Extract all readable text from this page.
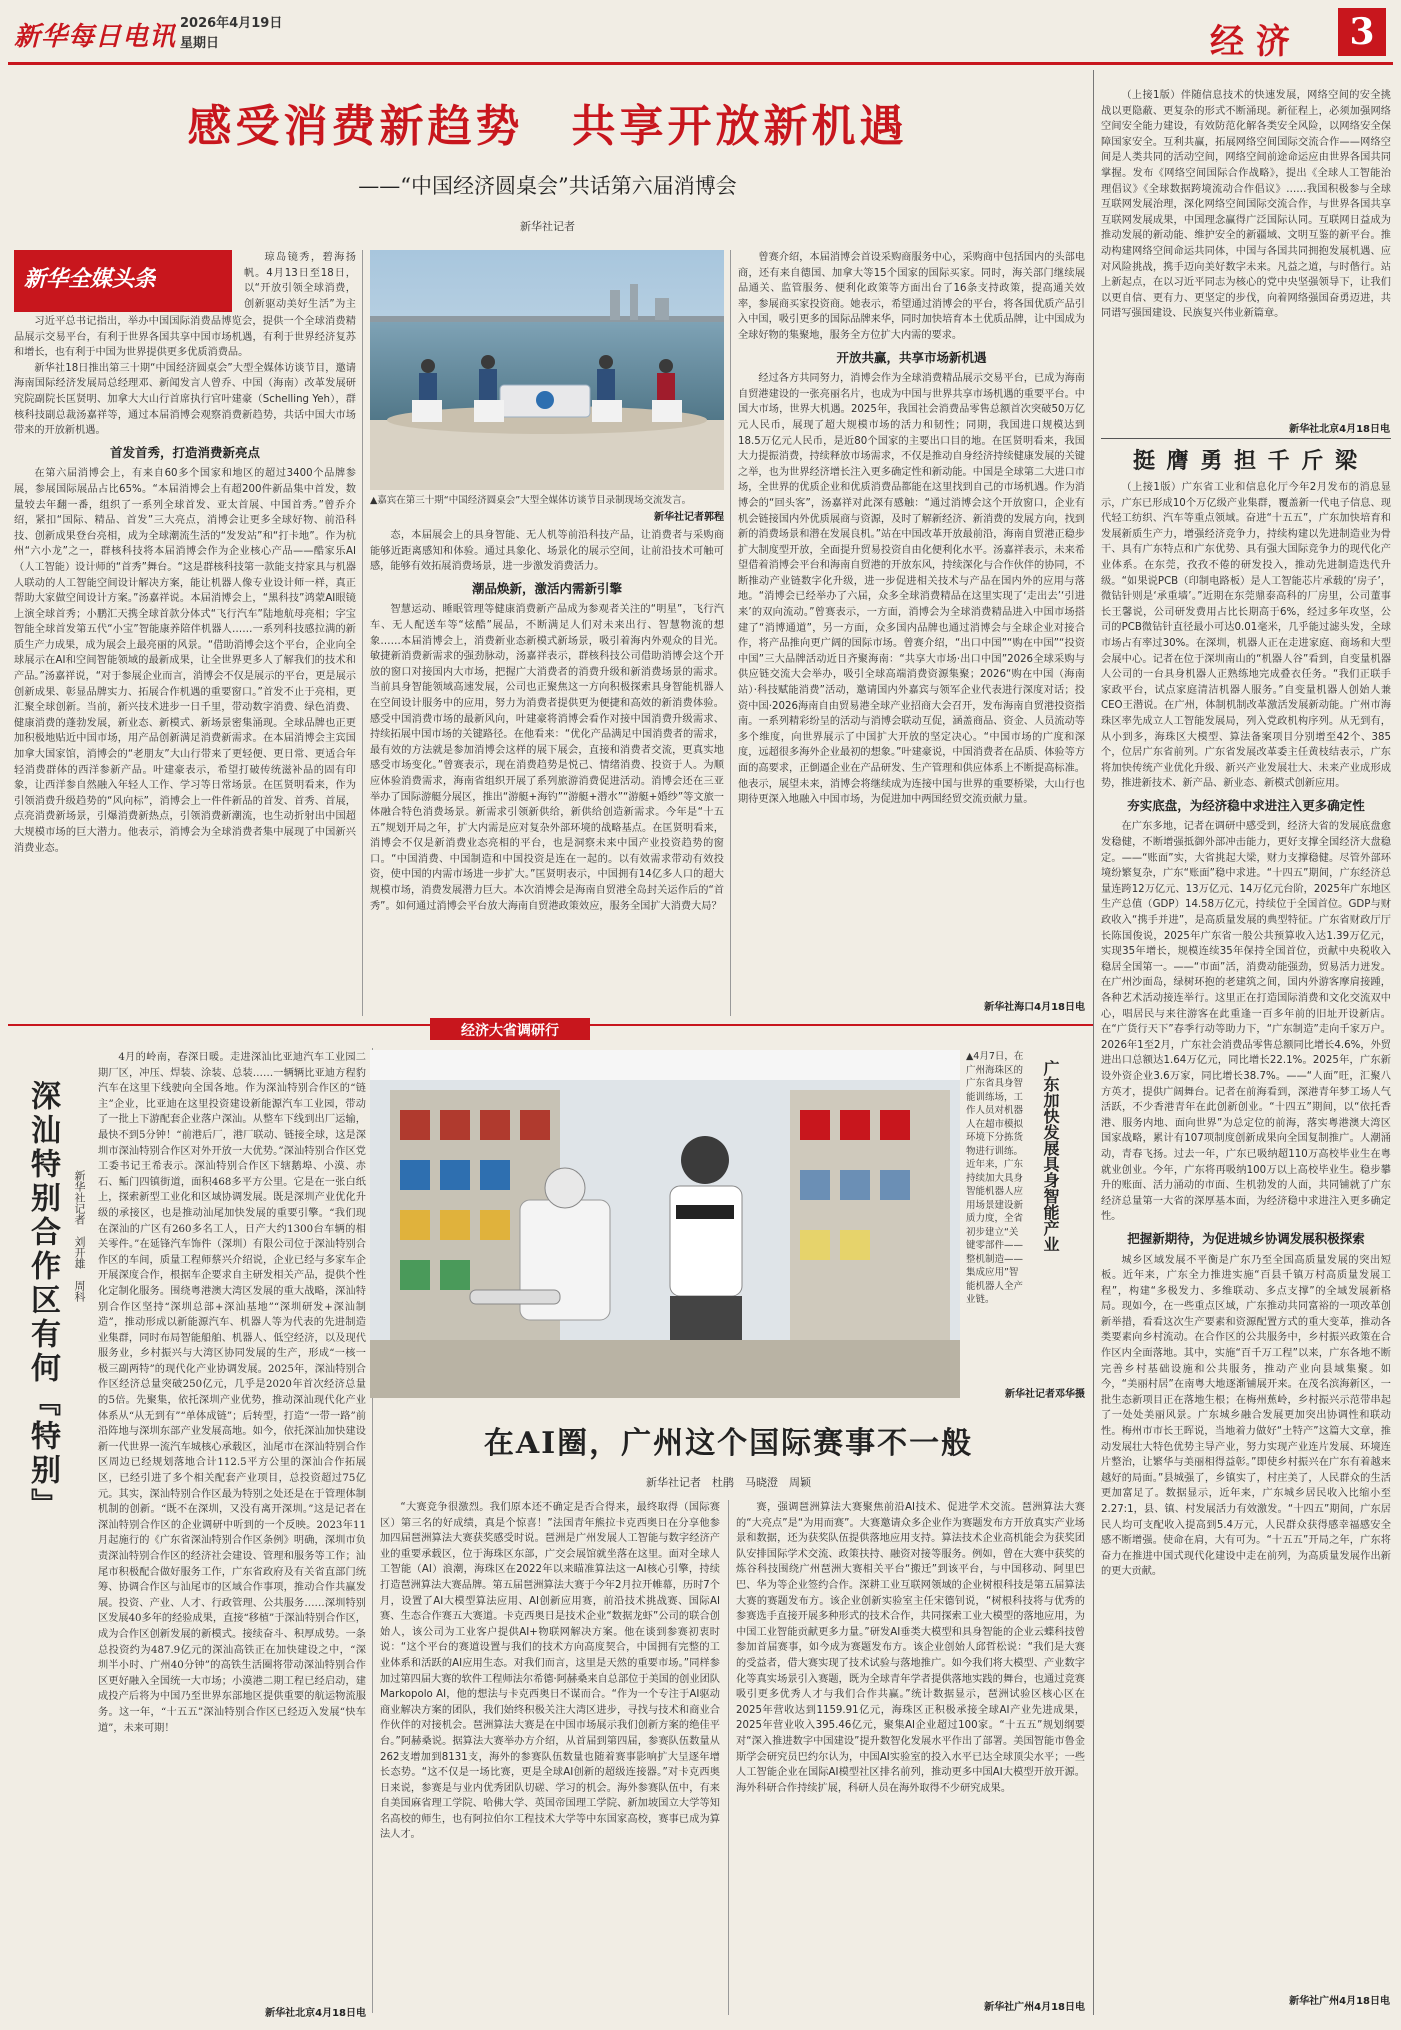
新华每日电讯 2026年4月19日
星期日	经 济	3
感受消费新趋势　共享开放新机遇
——“中国经济圆桌会”共话第六届消博会
新华社记者
新华全媒头条

琼岛镜秀，碧海扬帆。4月13日至18日，以“开放引领全球消费，创新驱动美好生活”为主

习近平总书记指出，举办中国国际消费品博览会，提供一个全球消费精品展示交易平台，有利于世界各国共享中国市场机遇，有利于世界经济复苏和增长，也有利于中国为世界提供更多优质消费品。

新华社18日推出第三十期“中国经济圆桌会”大型全媒体访谈节目，邀请海南国际经济发展局总经理邓、新闻发言人曾乔、中国（海南）改革发展研究院副院长匡贤明、加拿大大山行首席执行官叶建豪（Schelling Yeh），群核科技副总裁汤嘉祥等，通过本届消博会观察消费新趋势，共话中国大市场带来的开放新机遇。

首发首秀，打造消费新亮点

在第六届消博会上，有来自60多个国家和地区的超过3400个品牌参展，参展国际展品占比65%。“本届消博会上有超200件新品集中首发，数量较去年翻一番，组织了一系列全球首发、亚太首展、中国首秀。”曾乔介绍，紧扣“国际、精品、首发”三大亮点，消博会让更多全球好物、前沿科技、创新成果登台亮相，成为全球潮流生活的“发发站”和“打卡地”。作为杭州“六小龙”之一，群核科技将本届消博会作为企业核心产品——酷家乐AI（人工智能）设计师的“首秀”舞台。“这是群核科技第一款能支持家具与机器人联动的人工智能空间设计解决方案，能让机器人像专业设计师一样，真正帮助大家做空间设计方案。”汤嘉祥说。本届消博会上，“黑科技”鸿蒙AI眼镜上演全球首秀；小鹏汇天携全球首款分体式“飞行汽车”陆地航母亮相；字宝智能全球首发第五代“小宝”智能康养陪伴机器人……一系列科技感拉满的新质生产力成果，成为展会上最亮丽的风景。“借助消博会这个平台，企业向全球展示在AI和空间智能领域的最新成果，让全世界更多人了解我们的技术和产品。”汤嘉祥说，“对于参展企业而言，消博会不仅是展示的平台，更是展示创新成果、彰显品牌实力、拓展合作机遇的重要窗口。”首发不止于亮相，更汇聚全球创新。当前，新兴技术进步一日千里，带动数字消费、绿色消费、健康消费的蓬勃发展，新业态、新模式、新场景密集涌现。全球品牌也正更加积极地贴近中国市场，用产品创新满足消费新需求。在本届消博会主宾国加拿大国家馆，消博会的“老朋友”大山行带来了更轻便、更日常、更适合年轻消费群体的西洋参新产品。叶建豪表示，希望打破传统滋补品的固有印象，让西洋参自然融入年轻人工作、学习等日常场景。在匡贤明看来，作为引领消费升级趋势的“风向标”，消博会上一件件新品的首发、首秀、首展，点亮消费新场景，引爆消费新热点，引领消费新潮流，也生动折射出中国超大规模市场的巨大潜力。他表示，消博会为全球消费者集中展现了中国新兴消费业态。

▲嘉宾在第三十期“中国经济圆桌会”大型全媒体访谈节目录制现场交流发言。
新华社记者郭程

态，本届展会上的具身智能、无人机等前沿科技产品，让消费者与采购商能够近距离感知和体验。通过具象化、场景化的展示空间，让前沿技术可触可感，能够有效拓展消费场景，进一步激发消费活力。

潮品焕新，激活内需新引擎

智慧运动、睡眠管理等健康消费新产品成为参观者关注的“明星”，飞行汽车、无人配送车等“炫酷”展品，不断满足人们对未来出行、智慧物流的想象……本届消博会上，消费新业态新模式新场景，吸引着海内外观众的目光。敏捷新消费新需求的强劲脉动，汤嘉祥表示，群核科技公司借助消博会这个开放的窗口对接国内大市场，把握广大消费者的消费升级和新消费场景的需求。当前具身智能领域高速发展，公司也正聚焦这一方向积极探索具身智能机器人在空间设计服务中的应用，努力为消费者提供更为便捷和高效的新消费体验。感受中国消费市场的最新风向，叶建豪将消博会看作对接中国消费升级需求、持续拓展中国市场的关键路径。在他看来：“优化产品满足中国消费者的需求，最有效的方法就是参加消博会这样的展下展会，直接和消费者交流，更真实地感受市场变化。”曾赛表示，现在消费趋势是悦己、情绪消费、投资于人。为顺应体验消费需求，海南省组织开展了系列旅游消费促进活动。消博会还在三亚举办了国际游艇分展区，推出“游艇+海钓”“游艇+潜水”“游艇+婚纱”等文旅一体融合特色消费场景。新需求引领新供给，新供给创造新需求。今年是“十五五”规划开局之年，扩大内需是应对复杂外部环境的战略基点。在匡贤明看来，消博会不仅是新消费业态亮相的平台，也是洞察未来中国产业投资趋势的窗口。“中国消费、中国制造和中国投资是连在一起的。以有效需求带动有效投资，使中国的内需市场进一步扩大。”匡贤明表示，中国拥有14亿多人口的超大规模市场，消费发展潜力巨大。本次消博会是海南自贸港全岛封关运作后的“首秀”。如何通过消博会平台放大海南自贸港政策效应，服务全国扩大消费大局？

曾赛介绍，本届消博会首设采购商服务中心，采购商中包括国内的头部电商，还有来自德国、加拿大等15个国家的国际买家。同时，海关部门继续展品通关、监管服务、便利化政策等方面出台了16条支持政策，提高通关效率，参展商买家投资商。她表示，希望通过消博会的平台，将各国优质产品引入中国，吸引更多的国际品牌来华，同时加快培育本土优质品牌，让中国成为全球好物的集聚地，服务全方位扩大内需的要求。

开放共赢，共享市场新机遇

经过各方共同努力，消博会作为全球消费精品展示交易平台，已成为海南自贸港建设的一张亮丽名片，也成为中国与世界共享市场机遇的重要平台。中国大市场，世界大机遇。2025年，我国社会消费品零售总额首次突破50万亿元人民币，展现了超大规模市场的活力和韧性；同期，我国进口规模达到18.5万亿元人民币，是近80个国家的主要出口目的地。在匡贤明看来，我国大力提振消费，持续释放市场需求，不仅是推动自身经济持续健康发展的关键之举，也为世界经济增长注入更多确定性和新动能。中国是全球第二大进口市场，全世界的优质企业和优质消费品都能在这里找到自己的市场机遇。作为消博会的“回头客”，汤嘉祥对此深有感触：“通过消博会这个开放窗口，企业有机会链接国内外优质展商与资源，及时了解新经济、新消费的发展方向，找到新的消费场景和潜在发展良机。”站在中国改革开放最前沿，海南自贸港正稳步扩大制度型开放，全面提升贸易投资自由化便利化水平。汤嘉祥表示，未来希望借着消博会平台和海南自贸港的开放东风，持续深化与合作伙伴的协同，不断推动产业链数字化升级，进一步促进相关技术与产品在国内外的应用与落地。“消博会已经举办了六届，众多全球消费精品在这里实现了‘走出去’‘引进来’的双向流动。”曾赛表示，一方面，消博会为全球消费精品进入中国市场搭建了“消博通道”，另一方面，众多国内品牌也通过消博会与全球企业对接合作，将产品推向更广阔的国际市场。曾赛介绍，“出口中国”“购在中国”“投资中国”三大品牌活动近日齐聚海南：“共享大市场·出口中国”2026全球采购与供应链交流大会举办，吸引全球高端消费资源集聚；2026“购在中国（海南站）·科技赋能消费”活动，邀请国内外嘉宾与领军企业代表进行深度对话；投资中国·2026海南自由贸易港全球产业招商大会召开，发布海南自贸港投资指南。一系列精彩纷呈的活动与消博会联动互促，涵盖商品、资金、人员流动等多个维度，向世界展示了中国扩大开放的坚定决心。“中国市场的广度和深度，远超很多海外企业最初的想象。”叶建豪说，中国消费者在品质、体验等方面的高要求，正倒逼企业在产品研发、生产管理和供应体系上不断提高标准。他表示，展望未来，消博会将继续成为连接中国与世界的重要桥梁，大山行也期待更深入地融入中国市场，为促进加中两国经贸交流贡献力量。

新华社海口4月18日电

（上接1版）伴随信息技术的快速发展，网络空间的安全挑战以更隐蔽、更复杂的形式不断涌现。新征程上，必须加强网络空间安全能力建设，有效防范化解各类安全风险，以网络安全保障国家安全。互利共赢，拓展网络空间国际交流合作——网络空间是人类共同的活动空间，网络空间前途命运应由世界各国共同掌握。发布《网络空间国际合作战略》，提出《全球人工智能治理倡议》《全球数据跨境流动合作倡议》……我国积极参与全球互联网发展治理，深化网络空间国际交流合作，与世界各国共享互联网发展成果，中国理念赢得广泛国际认同。互联网日益成为推动发展的新动能、维护安全的新疆域、文明互鉴的新平台。推动构建网络空间命运共同体，中国与各国共同拥抱发展机遇、应对风险挑战，携手迈向美好数字未来。凡益之道，与时偕行。站上新起点，在以习近平同志为核心的党中央坚强领导下，让我们以更自信、更有力、更坚定的步伐，向着网络强国奋勇迈进，共同谱写强国建设、民族复兴伟业新篇章。

新华社北京4月18日电
挺 膺 勇 担 千 斤 梁

（上接1版）广东省工业和信息化厅今年2月发布的消息显示，广东已形成10个万亿级产业集群，覆盖新一代电子信息、现代轻工纺织、汽车等重点领域。奋进“十五五”，广东加快培育和发展新质生产力，增强经济竞争力，持续构建以先进制造业为骨干、具有广东特点和广东优势、具有强大国际竞争力的现代化产业体系。在东莞，孜孜不倦的研发投入，推动先进制造迭代升级。“如果说PCB（印制电路板）是人工智能芯片承载的‘房子’，微钻针则是‘承重墙’。”近期在东莞鼎泰高科的厂房里，公司董事长王馨说，公司研发费用占比长期高于6%，经过多年攻坚，公司的PCB微钻针直径最小可达0.01毫米，几乎能过滤头发，全球市场占有率过30%。在深圳，机器人正在走进家庭、商场和大型会展中心。记者在位于深圳南山的“机器人谷”看到，自变量机器人公司的一台具身机器人正熟练地完成叠衣任务。“我们正联手家政平台，试点家庭清洁机器人服务。”自变量机器人创始人兼CEO王潜说。在广州，体制机制改革激活发展新动能。广州市海珠区率先成立人工智能发展局，列入党政机构序列。从无到有，从小到多，海珠区大模型、算法备案项目分别增至42个、385个，位居广东省前列。广东省发展改革委主任黄枝结表示，广东将加快传统产业优化升级、新兴产业发展壮大、未来产业成形成势，推进新技术、新产品、新业态、新模式创新应用。

夯实底盘，为经济稳中求进注入更多确定性

在广东多地，记者在调研中感受到，经济大省的发展底盘愈发稳健，不断增强抵御外部冲击能力，更好支撑全国经济大盘稳定。——“账面”实，大省挑起大梁，财力支撑稳健。尽管外部环境纷繁复杂，广东“账面”稳中求进。“十四五”期间，广东经济总量连跨12万亿元、13万亿元、14万亿元台阶，2025年广东地区生产总值（GDP）14.58万亿元，持续位于全国首位。GDP与财政收入“携手并进”，是高质量发展的典型特征。广东省财政厅厅长陈国俊说，2025年广东省一般公共预算收入达1.39万亿元，实现35年增长，规模连续35年保持全国首位，贡献中央税收入稳居全国第一。——“市面”活，消费动能强劲，贸易活力迸发。在广州沙面岛，绿树环抱的老建筑之间，国内外游客摩肩接踵，各种艺术活动接连举行。这里正在打造国际消费和文化交流双中心，唱居民与来往游客在此重逢一百多年前的旧址开设新店。在“广货行天下”春季行动等助力下，“广东制造”走向千家万户。2026年1至2月，广东社会消费品零售总额同比增长4.6%，外贸进出口总额达1.64万亿元，同比增长22.1%。2025年，广东新设外资企业3.6万家，同比增长38.7%。——“人面”旺，汇聚八方英才，提供广阔舞台。记者在前海看到，深港青年梦工场人气活跃，不少香港青年在此创新创业。“十四五”期间，以“依托香港、服务内地、面向世界”为总定位的前海，落实粤港澳大湾区国家战略，累计有107项制度创新成果向全国复制推广。人潮涌动，青春飞扬。过去一年，广东已吸纳超110万高校毕业生在粤就业创业。今年，广东将再吸纳100万以上高校毕业生。稳步攀升的账面、活力涌动的市面、生机勃发的人面，共同铺就了广东经济总量第一大省的深厚基本面，为经济稳中求进注入更多确定性。

把握新期待，为促进城乡协调发展积极探索

城乡区域发展不平衡是广东乃至全国高质量发展的突出短板。近年来，广东全力推进实施“百县千镇万村高质量发展工程”，构建“多极发力、多维联动、多点支撑”的全域发展新格局。现如今，在一些重点区域，广东推动共同富裕的一项改革创新举措，看看这次生产要素和资源配置方式的重大变革，推动各类要素向乡村流动。在合作区的公共服务中，乡村振兴政策在合作区内全面落地。其中，实施“百千万工程”以来，广东各地不断完善乡村基础设施和公共服务，推动产业向县域集聚。如今，“美丽村居”在南粤大地逐渐铺展开来。在茂名滨海新区，一批生态新项目正在落地生根；在梅州蕉岭，乡村振兴示范带串起了一处处美丽风景。广东城乡融合发展更加突出协调性和联动性。梅州市市长王晖说，当地着力做好“土特产”这篇大文章，推动发展壮大特色优势主导产业，努力实现产业连片发展、环境连片整治，让繁华与美丽相得益彰。”即使乡村振兴在广东有着越来越好的局面。”县城强了，乡镇实了，村庄美了，人民群众的生活更加富足了。数据显示，近年来，广东城乡居民收入比缩小至2.27:1，县、镇、村发展活力有效激发。“十四五”期间，广东居民人均可支配收入提高到5.4万元，人民群众获得感幸福感安全感不断增强。使命在肩，大有可为。“十五五”开局之年，广东将奋力在推进中国式现代化建设中走在前列，为高质量发展作出新的更大贡献。

新华社广州4月18日电
经济大省调研行
深汕特别合作区有何『特别』 新华社记者　刘开雄　周科

4月的岭南，春深日暖。走进深汕比亚迪汽车工业园二期厂区，冲压、焊装、涂装、总装……一辆辆比亚迪方程豹汽车在这里下线驶向全国各地。作为深汕特别合作区的“链主”企业，比亚迪在这里投资建设新能源汽车工业园，带动了一批上下游配套企业落户深汕。从整车下线到出厂运输，最快不到5分钟！“前港后厂，港厂联动、链接全球，这是深圳市深汕特别合作区对外开放一大优势。”深汕特别合作区党工委书记王希表示。深汕特别合作区下辖鹅埠、小漠、赤石、鲘门四镇街道，面积468多平方公里。它是在一张白纸上，探索新型工业化和区域协调发展。既是深圳产业优化升级的承接区，也是推动汕尾加快发展的重要引擎。“我们现在深汕的广区有260多名工人，日产大约1300台车辆的相关零件。”在延锋汽车饰件（深圳）有限公司位于深汕特别合作区的车间，质量工程师蔡兴介绍说，企业已经与多家车企开展深度合作，根据车企要求自主研发相关产品，提供个性化定制化服务。围绕粤港澳大湾区发展的重大战略，深汕特别合作区坚持“深圳总部+深汕基地”“深圳研发+深汕制造”，推动形成以新能源汽车、机器人等为代表的先进制造业集群，同时布局智能船舶、机器人、低空经济，以及现代服务业，乡村振兴与大湾区协同发展的生产，形成“一核一极三副两特”的现代化产业协调发展。2025年，深汕特别合作区经济总量突破250亿元，几乎是2020年首次经济总量的5倍。先聚集，依托深圳产业优势，推动深汕现代化产业体系从“从无到有”“单体成链”；后转型，打造“一带一路”前沿阵地与深圳东部产业发展高地。如今，依托深汕加快建设新一代世界一流汽车城核心承载区，汕尾市在深汕特别合作区周边已经规划落地合计112.5平方公里的深汕合作拓展区，已经引进了多个相关配套产业项目，总投资超过75亿元。其实，深汕特别合作区最为特别之处还是在于管理体制机制的创新。“既不在深圳，又没有离开深圳。”这是记者在深汕特别合作区的企业调研中听到的一个反映。2023年11月起施行的《广东省深汕特别合作区条例》明确，深圳市负责深汕特别合作区的经济社会建设、管理和服务等工作；汕尾市积极配合做好服务工作，广东省政府及有关省直部门统筹、协调合作区与汕尾市的区域合作事项，推动合作共赢发展。投资、产业、人才、行政管理、公共服务……深圳特别区发展40多年的经验成果，直接“移植”于深汕特别合作区，成为合作区创新发展的新模式。接续奋斗、积厚成势。一条总投资约为487.9亿元的深汕高铁正在加快建设之中，“深圳半小时、广州40分钟”的高铁生活圈将带动深汕特别合作区更好融入全国统一大市场；小漠港二期工程已经启动，建成投产后将为中国乃至世界东部地区提供重要的航运物流服务。这一年，“十五五”深汕特别合作区已经迈入发展“快车道”，未来可期！

新华社北京4月18日电
▲4月7日，在广州海珠区的广东省具身智能训练场，工作人员对机器人在超市模拟环境下分拣货物进行训练。近年来，广东持续加大具身智能机器人应用场景建设新质力度，全省初步建立“关键零部件——整机制造——集成应用”智能机器人全产业链。
广东加快发展具身智能产业
新华社记者邓华摄
在AI圈，广州这个国际赛事不一般
新华社记者　杜鹃　马晓澄　周颖

“大赛竞争很激烈。我们原本还不确定是否合得来，最终取得（国际赛区）第三名的好成绩，真是个惊喜！”法国青年熊拉卡克西奥日在分享他参加四届琶洲算法大赛获奖感受时说。琶洲是广州发展人工智能与数字经济产业的重要承载区，位于海珠区东部，广交会展馆就坐落在这里。面对全球人工智能（AI）浪潮，海珠区在2022年以来瞄准算法这一AI核心引擎，持续打造琶洲算法大赛品牌。第五届琶洲算法大赛于今年2月拉开帷幕，历时7个月，设置了AI大模型算法应用、AI创新应用赛，前沿技术挑战赛、国际AI赛、生态合作赛五大赛道。卡克西奥日是技术企业“数据龙虾”公司的联合创始人，该公司为工业客户提供AI+物联网解决方案。他在谈到参赛初衷时说：“这个平台的赛道设置与我们的技术方向高度契合，中国拥有完整的工业体系和活跃的AI应用生态。对我们而言，这里是天然的重要市场。”同样参加过第四届大赛的软件工程师法尔希德·阿赫桑来自总部位于美国的创业团队Markopolo AI，他的想法与卡克西奥日不谋而合。“作为一个专注于AI驱动商业解决方案的团队，我们始终积极关注大湾区进步，寻找与技术和商业合作伙伴的对接机会。琶洲算法大赛是在中国市场展示我们创新方案的绝佳平台。”阿赫桑说。据算法大赛举办方介绍，从首届到第四届，参赛队伍数量从262支增加到8131支，海外的参赛队伍数量也随着赛事影响扩大呈逐年增长态势。“这不仅是一场比赛，更是全球AI创新的超级连接器。”对卡克西奥日来说，参赛是与业内优秀团队切磋、学习的机会。海外参赛队伍中，有来自美国麻省理工学院、哈佛大学、英国帝国理工学院、新加坡国立大学等知名高校的师生，也有阿拉伯尔工程技术大学等中东国家高校，赛事已成为算法人才。

赛，强调琶洲算法大赛聚焦前沿AI技术、促进学术交流。琶洲算法大赛的“大亮点”是“为用而赛”。大赛邀请众多企业作为赛题发布方开放真实产业场景和数据，还为获奖队伍提供落地应用支持。算法技术企业高机能会为获奖团队安排国际学术交流、政策扶持、融资对接等服务。例如，曾在大赛中获奖的炼谷科技围绕广州琶洲大赛相关平台“搬迁”到该平台，与中国移动、阿里巴巴、华为等企业签约合作。深耕工业互联网领域的企业树根科技是第五届算法大赛的赛题发布方。该企业创新实验室主任宋德钊说，“树根科技将与优秀的参赛选手直接开展多种形式的技术合作，共同探索工业大模型的落地应用，为中国工业智能贡献更多力量。”研发AI垂类大模型和具身智能的企业云蝶科技曾参加首届赛事，如今成为赛题发布方。该企业创始人邱哲松说：“我们是大赛的受益者，借大赛实现了技术试验与落地推广。如今我们将大模型、产业数字化等真实场景引入赛题，既为全球青年学者提供落地实践的舞台，也通过竞赛吸引更多优秀人才与我们合作共赢。”统计数据显示，琶洲试验区核心区在2025年营收达到1159.91亿元，海珠区正积极承接全球AI产业先进成果，2025年营业收入395.46亿元，聚集AI企业超过100家。“十五五”规划纲要对“深入推进数字中国建设”提升数智化发展水平作出了部署。美国智能市鲁金斯学会研究员巴约尔认为，中国AI实验室的投入水平已达全球顶尖水平；一些人工智能企业在国际AI模型社区排名前列，推动更多中国AI大模型开放开源。海外科研合作持续扩展，科研人员在海外取得不少研究成果。

新华社广州4月18日电
